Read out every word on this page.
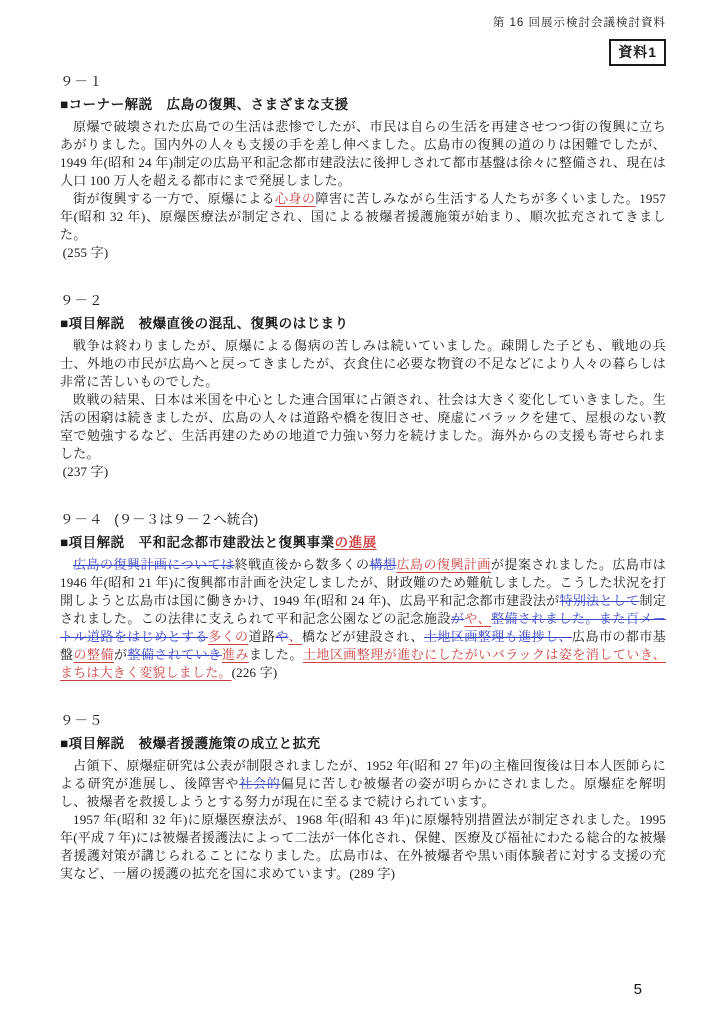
第 16 回展示検討会議検討資料
資料1
９－１
■コーナー解説　広島の復興、さまざまな支援

原爆で破壊された広島での生活は悲惨でしたが、市民は自らの生活を再建させつつ街の復興に立ちあがりました。国内外の人々も支援の手を差し伸べました。広島市の復興の道のりは困難でしたが、1949 年(昭和 24 年)制定の広島平和記念都市建設法に後押しされて都市基盤は徐々に整備され、現在は人口 100 万人を超える都市にまで発展しました。

街が復興する一方で、原爆による心身の障害に苦しみながら生活する人たちが多くいました。1957 年(昭和 32 年)、原爆医療法が制定され、国による被爆者援護施策が始まり、順次拡充されてきました。

(255 字)

９－２
■項目解説　被爆直後の混乱、復興のはじまり

戦争は終わりましたが、原爆による傷病の苦しみは続いていました。疎開した子ども、戦地の兵士、外地の市民が広島へと戻ってきましたが、衣食住に必要な物資の不足などにより人々の暮らしは非常に苦しいものでした。

敗戦の結果、日本は米国を中心とした連合国軍に占領され、社会は大きく変化していきました。生活の困窮は続きましたが、広島の人々は道路や橋を復旧させ、廃虚にバラックを建て、屋根のない教室で勉強するなど、生活再建のための地道で力強い努力を続けました。海外からの支援も寄せられました。

(237 字)

９－４ (９－３は９－２へ統合)
■項目解説　平和記念都市建設法と復興事業の進展

広島の復興計画については終戦直後から数多くの構想広島の復興計画が提案されました。広島市は1946 年(昭和 21 年)に復興都市計画を決定しましたが、財政難のため難航しました。こうした状況を打開しようと広島市は国に働きかけ、1949 年(昭和 24 年)、広島平和記念都市建設法が特別法として制定されました。この法律に支えられて平和記念公園などの記念施設がや、整備されました。また百メートル道路をはじめとする多くの道路や、橋などが建設され、土地区画整理も進捗し、広島市の都市基盤の整備が整備されていき進みました。土地区画整理が進むにしたがいバラックは姿を消していき、まちは大きく変貌しました。(226 字)

９－５
■項目解説　被爆者援護施策の成立と拡充

占領下、原爆症研究は公表が制限されましたが、1952 年(昭和 27 年)の主権回復後は日本人医師らによる研究が進展し、後障害や社会的偏見に苦しむ被爆者の姿が明らかにされました。原爆症を解明し、被爆者を救援しようとする努力が現在に至るまで続けられています。

1957 年(昭和 32 年)に原爆医療法が、1968 年(昭和 43 年)に原爆特別措置法が制定されました。1995 年(平成 7 年)には被爆者援護法によって二法が一体化され、保健、医療及び福祉にわたる総合的な被爆者援護対策が講じられることになりました。広島市は、在外被爆者や黒い雨体験者に対する支援の充実など、一層の援護の拡充を国に求めています。(289 字)

5
